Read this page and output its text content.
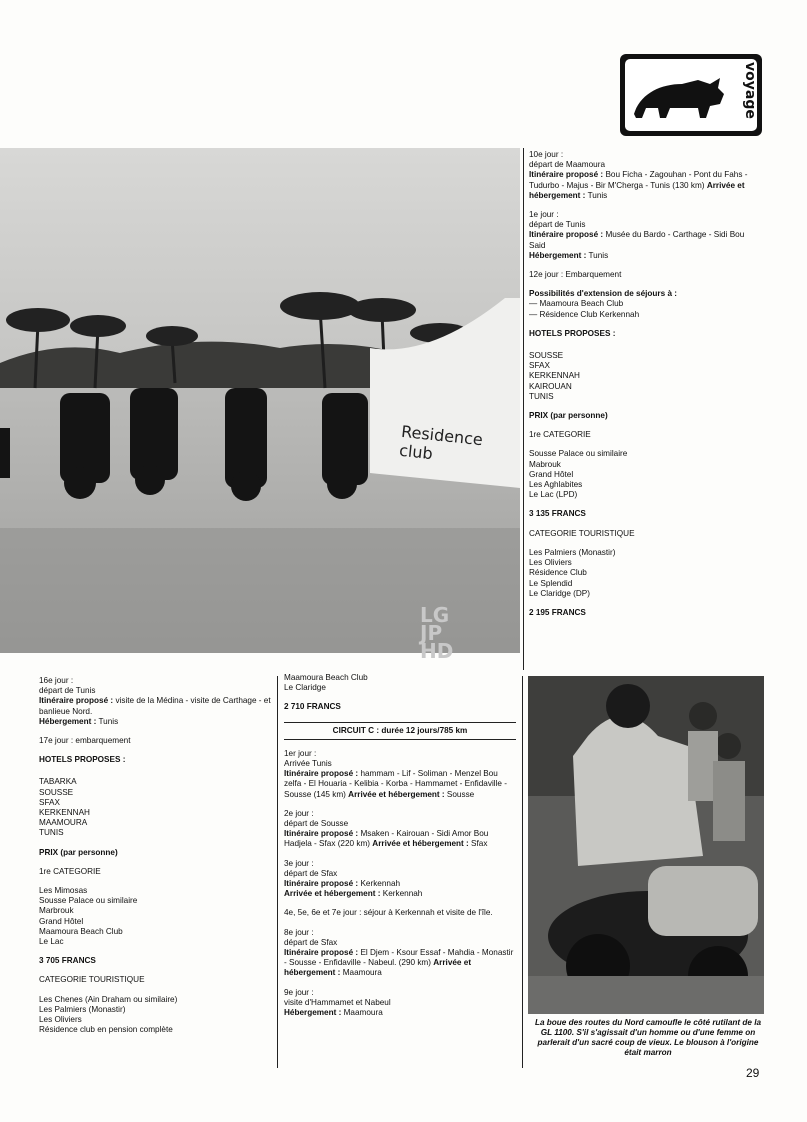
voyage
Residence club
LG
JP
HD

10e jour :
départ de Maamoura
Itinéraire proposé : Bou Ficha - Zagouhan - Pont du Fahs - Tudurbo - Majus - Bir M'Cherga - Tunis (130 km) Arrivée et hébergement : Tunis

1e jour :
départ de Tunis
Itinéraire proposé : Musée du Bardo - Carthage - Sidi Bou Said
Hébergement : Tunis

12e jour : Embarquement

Possibilités d'extension de séjours à :
— Maamoura Beach Club
— Résidence Club Kerkennah

HOTELS PROPOSES :

SOUSSE
SFAX
KERKENNAH
KAIROUAN
TUNIS

PRIX (par personne)

1re CATEGORIE

Sousse Palace ou similaire
Mabrouk
Grand Hôtel
Les Aghlabites
Le Lac (LPD)

3 135 FRANCS

CATEGORIE TOURISTIQUE

Les Palmiers (Monastir)
Les Oliviers
Résidence Club
Le Splendid
Le Claridge (DP)

2 195 FRANCS

16e jour :
départ de Tunis
Itinéraire proposé : visite de la Médina - visite de Carthage - et banlieue Nord.
Hébergement : Tunis

17e jour : embarquement

HOTELS PROPOSES :

TABARKA
SOUSSE
SFAX
KERKENNAH
MAAMOURA
TUNIS

PRIX (par personne)

1re CATEGORIE

Les Mimosas
Sousse Palace ou similaire
Marbrouk
Grand Hôtel
Maamoura Beach Club
Le Lac

3 705 FRANCS

CATEGORIE TOURISTIQUE

Les Chenes (Ain Draham ou similaire)
Les Palmiers (Monastir)
Les Oliviers
Résidence club en pension complète
Maamoura Beach Club
Le Claridge

2 710 FRANCS

CIRCUIT C : durée 12 jours/785 km

1er jour :
Arrivée Tunis
Itinéraire proposé : hammam - Lif - Soliman - Menzel Bou zelfa - El Houaria - Kelibia - Korba - Hammamet - Enfidaville - Sousse (145 km) Arrivée et hébergement : Sousse

2e jour :
départ de Sousse
Itinéraire proposé : Msaken - Kairouan - Sidi Amor Bou Hadjela - Sfax (220 km) Arrivée et hébergement : Sfax

3e jour :
départ de Sfax
Itinéraire proposé : Kerkennah
Arrivée et hébergement : Kerkennah

4e, 5e, 6e et 7e jour : séjour à Kerkennah et visite de l'île.

8e jour :
départ de Sfax
Itinéraire proposé : El Djem - Ksour Essaf - Mahdia - Monastir - Sousse - Enfidaville - Nabeul. (290 km) Arrivée et hébergement : Maamoura

9e jour :
visite d'Hammamet et Nabeul
Hébergement : Maamoura

La boue des routes du Nord camoufle le côté rutilant de la GL 1100. S'il s'agissait d'un homme ou d'une femme on parlerait d'un sacré coup de vieux. Le blouson à l'origine était marron
29
